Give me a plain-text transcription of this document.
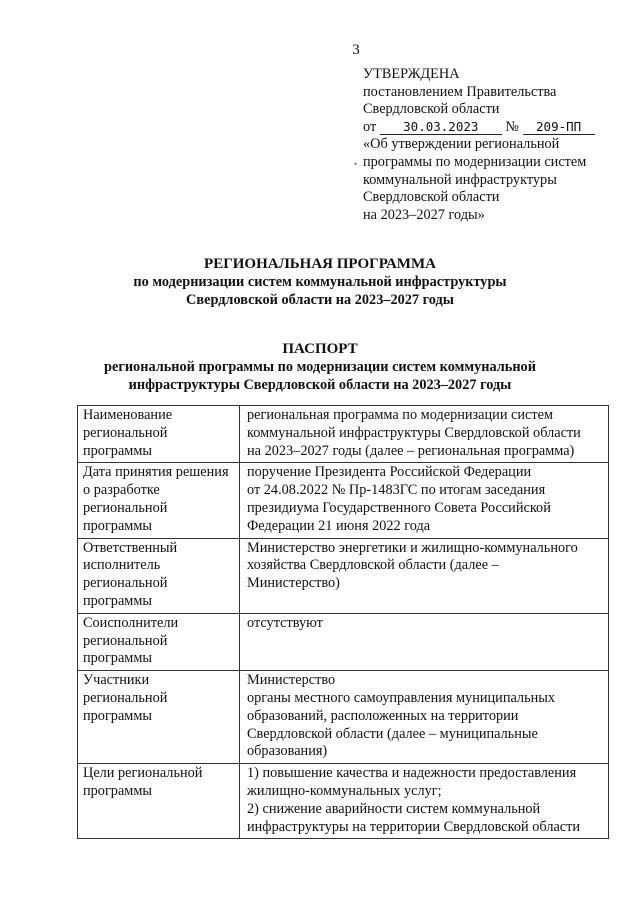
3
УТВЕРЖДЕНА
постановлением Правительства
Свердловской области
от 30.03.2023 № 209-ПП
«Об утверждении региональной
программы по модернизации систем
коммунальной инфраструктуры
Свердловской области
на 2023–2027 годы»
•
РЕГИОНАЛЬНАЯ ПРОГРАММА
по модернизации систем коммунальной инфраструктуры
Свердловской области на 2023–2027 годы
ПАСПОРТ
региональной программы по модернизации систем коммунальной
инфраструктуры Свердловской области на 2023–2027 годы
Наименование
региональной
программы	региональная программа по модернизации систем
коммунальной инфраструктуры Свердловской области
на 2023–2027 годы (далее – региональная программа)

Дата принятия решения
о разработке
региональной
программы	поручение Президента Российской Федерации
от 24.08.2022 № Пр-1483ГС по итогам заседания
президиума Государственного Совета Российской
Федерации 21 июня 2022 года

Ответственный
исполнитель
региональной
программы	Министерство энергетики и жилищно-коммунального
хозяйства Свердловской области (далее –
Министерство)

Соисполнители
региональной
программы	отсутствуют

Участники
региональной
программы	Министерство
органы местного самоуправления муниципальных
образований, расположенных на территории
Свердловской области (далее – муниципальные
образования)

Цели региональной
программы	1) повышение качества и надежности предоставления
жилищно-коммунальных услуг;
2) снижение аварийности систем коммунальной
инфраструктуры на территории Свердловской области
